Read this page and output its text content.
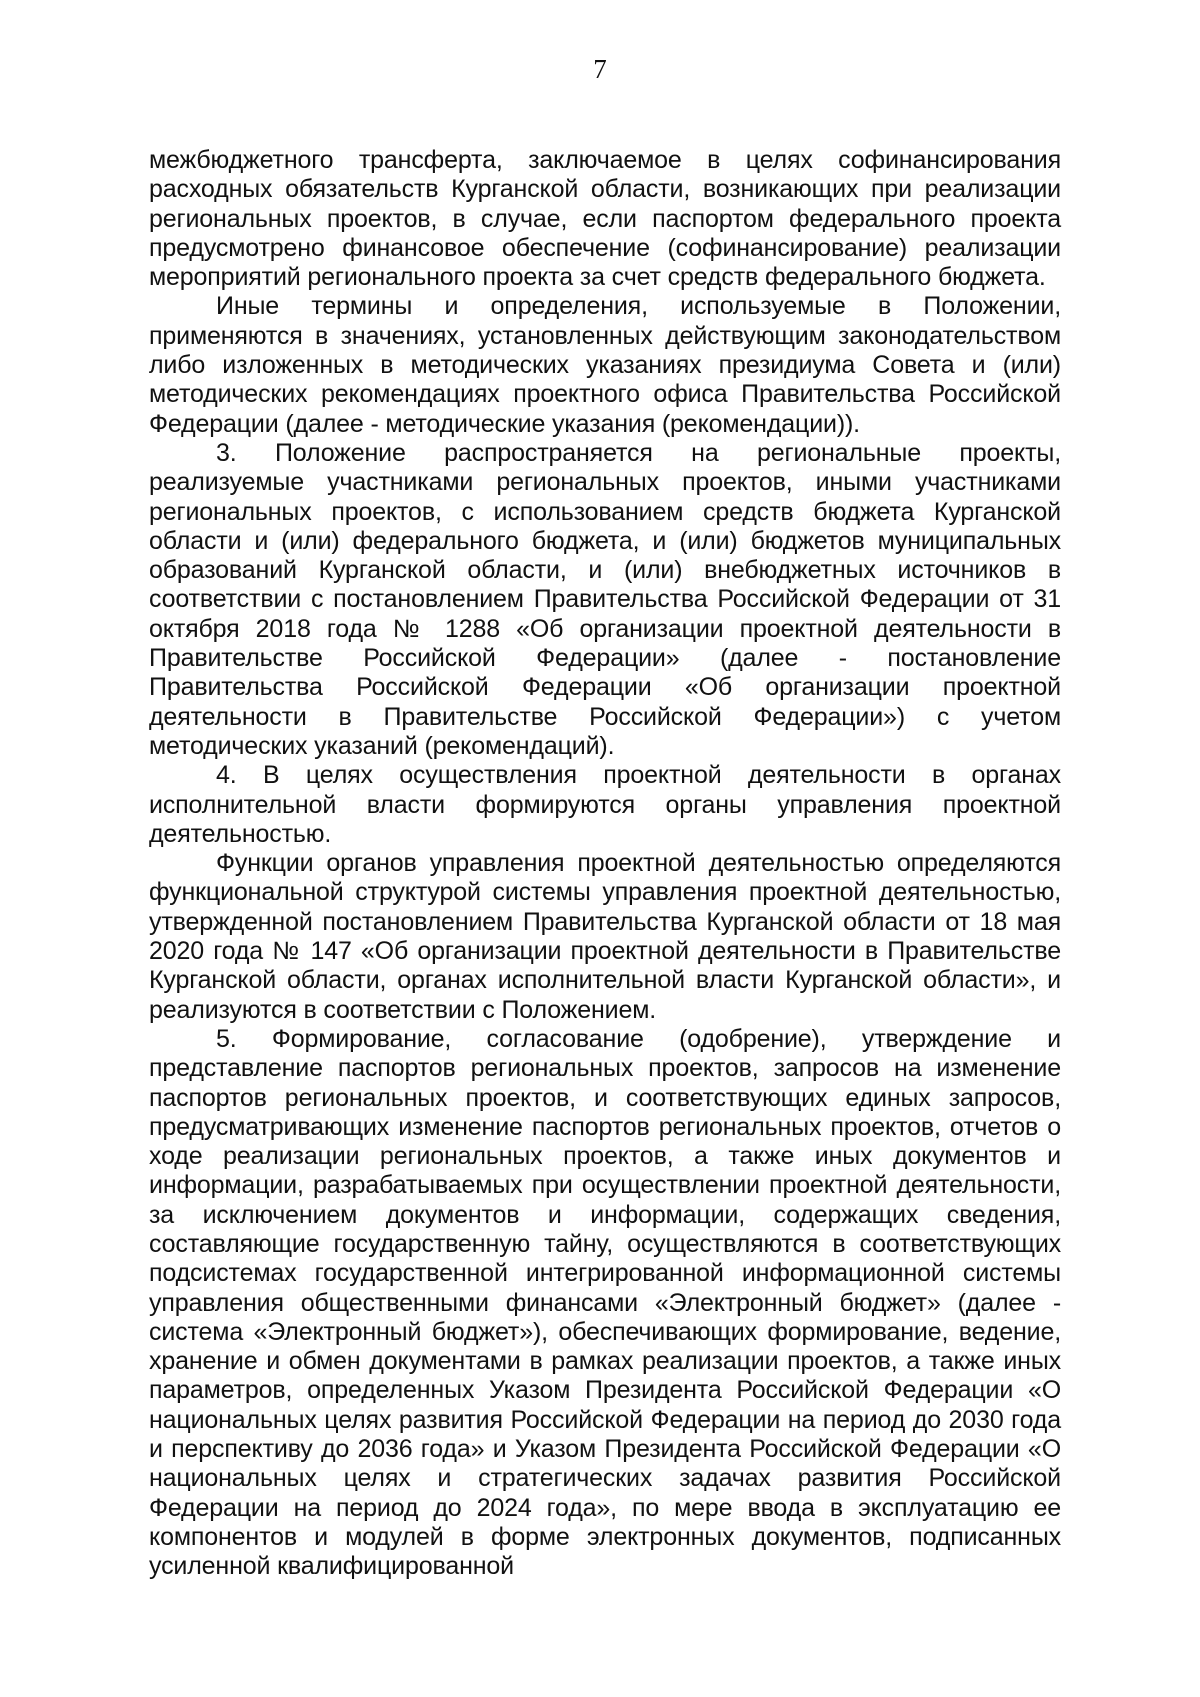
7

межбюджетного трансферта, заключаемое в целях софинансирования расходных обязательств Курганской области, возникающих при реализации региональных проектов, в случае, если паспортом федерального проекта предусмотрено финансовое обеспечение (софинансирование) реализации мероприятий регионального проекта за счет средств федерального бюджета.

Иные термины и определения, используемые в Положении, применяются в значениях, установленных действующим законодательством либо изложенных в методических указаниях президиума Совета и (или) методических рекомендациях проектного офиса Правительства Российской Федерации (далее - методические указания (рекомендации)).

3. Положение распространяется на региональные проекты, реализуемые участниками региональных проектов, иными участниками региональных проектов, с использованием средств бюджета Курганской области и (или) федерального бюджета, и (или) бюджетов муниципальных образований Курганской области, и (или) внебюджетных источников в соответствии с постановлением Правительства Российской Федерации от 31 октября 2018 года № 1288 «Об организации проектной деятельности в Правительстве Российской Федерации» (далее - постановление Правительства Российской Федерации «Об организации проектной деятельности в Правительстве Российской Федерации») с учетом методических указаний (рекомендаций).

4. В целях осуществления проектной деятельности в органах исполнительной власти формируются органы управления проектной деятельностью.

Функции органов управления проектной деятельностью определяются функциональной структурой системы управления проектной деятельностью, утвержденной постановлением Правительства Курганской области от 18 мая 2020 года № 147 «Об организации проектной деятельности в Правительстве Курганской области, органах исполнительной власти Курганской области», и реализуются в соответствии с Положением.

5. Формирование, согласование (одобрение), утверждение и представление паспортов региональных проектов, запросов на изменение паспортов региональных проектов, и соответствующих единых запросов, предусматривающих изменение паспортов региональных проектов, отчетов о ходе реализации региональных проектов, а также иных документов и информации, разрабатываемых при осуществлении проектной деятельности, за исключением документов и информации, содержащих сведения, составляющие государственную тайну, осуществляются в соответствующих подсистемах государственной интегрированной информационной системы управления общественными финансами «Электронный бюджет» (далее - система «Электронный бюджет»), обеспечивающих формирование, ведение, хранение и обмен документами в рамках реализации проектов, а также иных параметров, определенных Указом Президента Российской Федерации «О национальных целях развития Российской Федерации на период до 2030 года и перспективу до 2036 года» и Указом Президента Российской Федерации «О национальных целях и стратегических задачах развития Российской Федерации на период до 2024 года», по мере ввода в эксплуатацию ее компонентов и модулей в форме электронных документов, подписанных усиленной квалифицированной
